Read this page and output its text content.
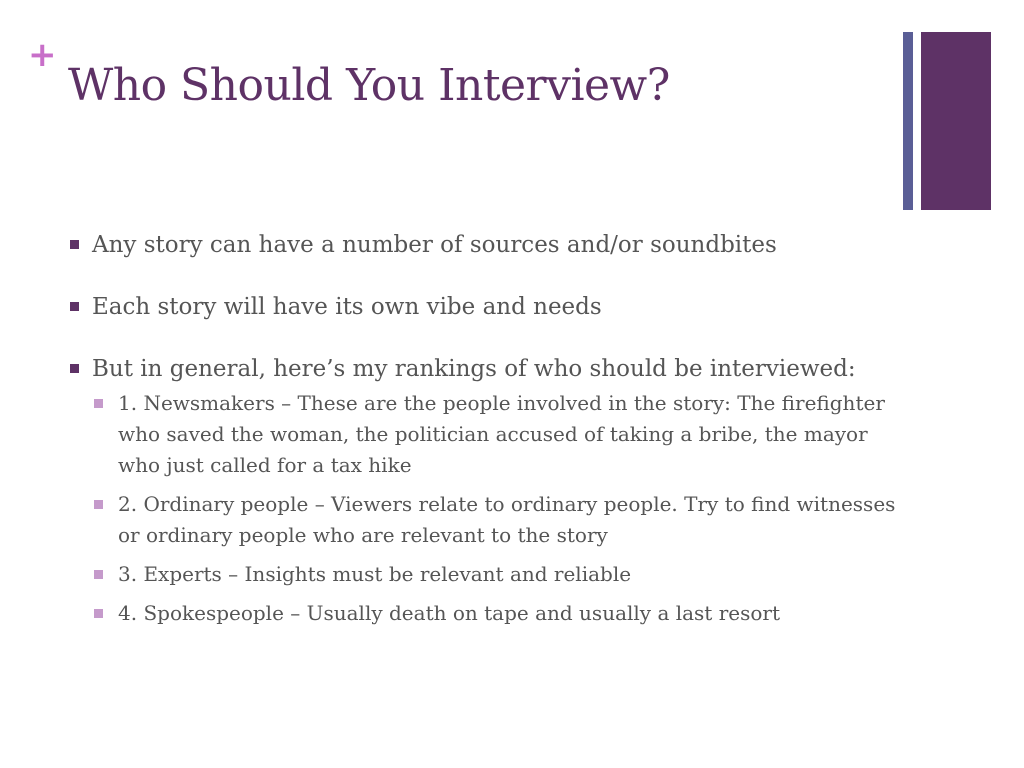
+
Who Should You Interview?
Any story can have a number of sources and/or soundbites
Each story will have its own vibe and needs
But in general, here’s my rankings of who should be interviewed:
1. Newsmakers – These are the people involved in the story: The firefighter who saved the woman, the politician accused of taking a bribe, the mayor who just called for a tax hike
2. Ordinary people – Viewers relate to ordinary people. Try to find witnesses or ordinary people who are relevant to the story
3. Experts – Insights must be relevant and reliable
4. Spokespeople – Usually death on tape and usually a last resort
